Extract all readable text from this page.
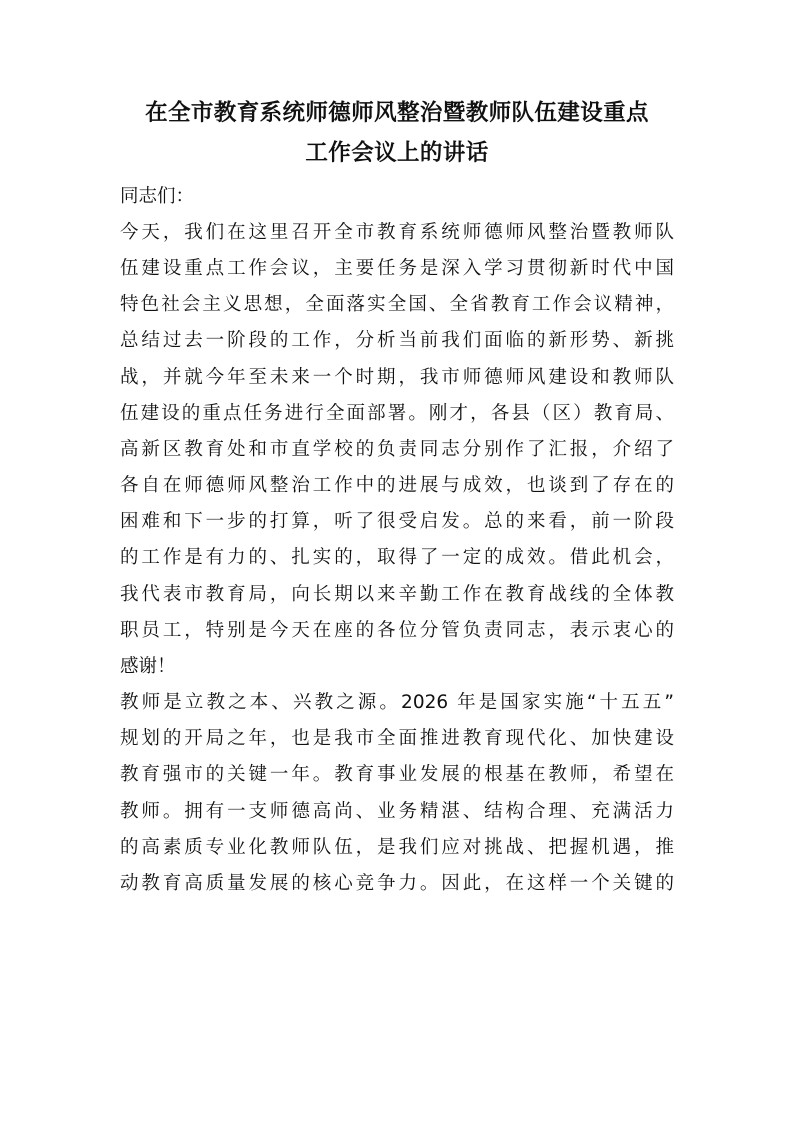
在全市教育系统师德师风整治暨教师队伍建设重点
工作会议上的讲话

同志们：

今天，我们在这里召开全市教育系统师德师风整治暨教师队
伍建设重点工作会议，主要任务是深入学习贯彻新时代中国
特色社会主义思想，全面落实全国、全省教育工作会议精神，
总结过去一阶段的工作，分析当前我们面临的新形势、新挑
战，并就今年至未来一个时期，我市师德师风建设和教师队
伍建设的重点任务进行全面部署。刚才，各县（区）教育局、
高新区教育处和市直学校的负责同志分别作了汇报，介绍了
各自在师德师风整治工作中的进展与成效，也谈到了存在的
困难和下一步的打算，听了很受启发。总的来看，前一阶段
的工作是有力的、扎实的，取得了一定的成效。借此机会，
我代表市教育局，向长期以来辛勤工作在教育战线的全体教
职员工，特别是今天在座的各位分管负责同志，表示衷心的
感谢！
教师是立教之本、兴教之源。2026 年是国家实施“十五五”
规划的开局之年，也是我市全面推进教育现代化、加快建设
教育强市的关键一年。教育事业发展的根基在教师，希望在
教师。拥有一支师德高尚、业务精湛、结构合理、充满活力
的高素质专业化教师队伍，是我们应对挑战、把握机遇，推
动教育高质量发展的核心竞争力。因此，在这样一个关键的
